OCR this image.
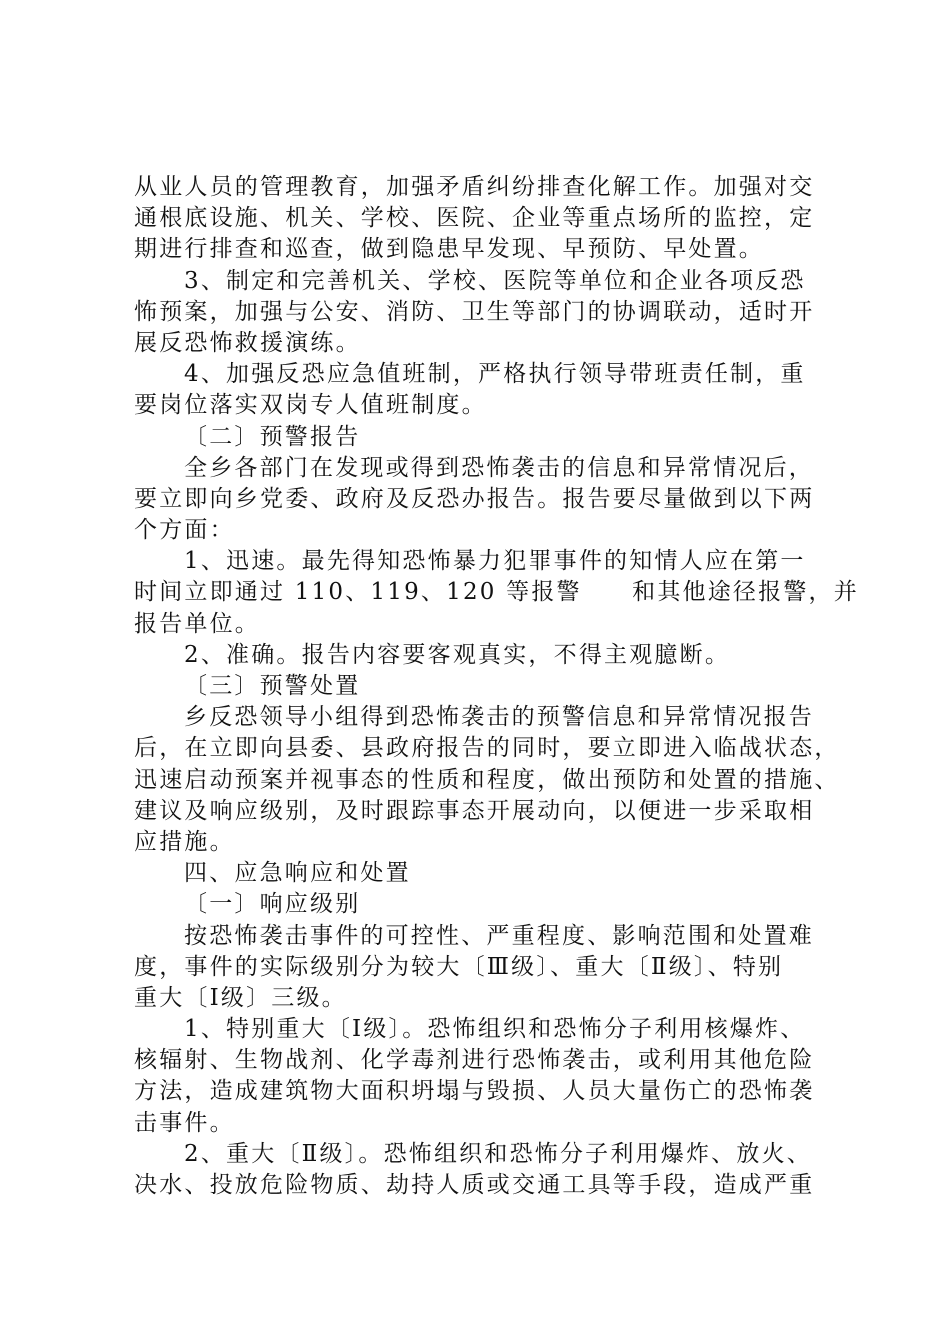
从业人员的管理教育，加强矛盾纠纷排查化解工作。加强对交
通根底设施、机关、学校、医院、企业等重点场所的监控，定
期进行排查和巡查，做到隐患早发现、早预防、早处置。
3、制定和完善机关、学校、医院等单位和企业各项反恐
怖预案，加强与公安、消防、卫生等部门的协调联动，适时开
展反恐怖救援演练。
4、加强反恐应急值班制，严格执行领导带班责任制，重
要岗位落实双岗专人值班制度。
〔二〕预警报告
全乡各部门在发现或得到恐怖袭击的信息和异常情况后，
要立即向乡党委、政府及反恐办报告。报告要尽量做到以下两
个方面：
1、迅速。最先得知恐怖暴力犯罪事件的知情人应在第一
时间立即通过 110、119、120 等报警　　和其他途径报警，并
报告单位。
2、准确。报告内容要客观真实，不得主观臆断。
〔三〕预警处置
乡反恐领导小组得到恐怖袭击的预警信息和异常情况报告
后，在立即向县委、县政府报告的同时，要立即进入临战状态，
迅速启动预案并视事态的性质和程度，做出预防和处置的措施、
建议及响应级别，及时跟踪事态开展动向，以便进一步采取相
应措施。
四、应急响应和处置
〔一〕响应级别
按恐怖袭击事件的可控性、严重程度、影响范围和处置难
度，事件的实际级别分为较大〔Ⅲ级〕、重大〔Ⅱ级〕、特别
重大〔Ⅰ级〕三级。
1、特别重大〔Ⅰ级〕。恐怖组织和恐怖分子利用核爆炸、
核辐射、生物战剂、化学毒剂进行恐怖袭击，或利用其他危险
方法，造成建筑物大面积坍塌与毁损、人员大量伤亡的恐怖袭
击事件。
2、重大〔Ⅱ级〕。恐怖组织和恐怖分子利用爆炸、放火、
决水、投放危险物质、劫持人质或交通工具等手段，造成严重
